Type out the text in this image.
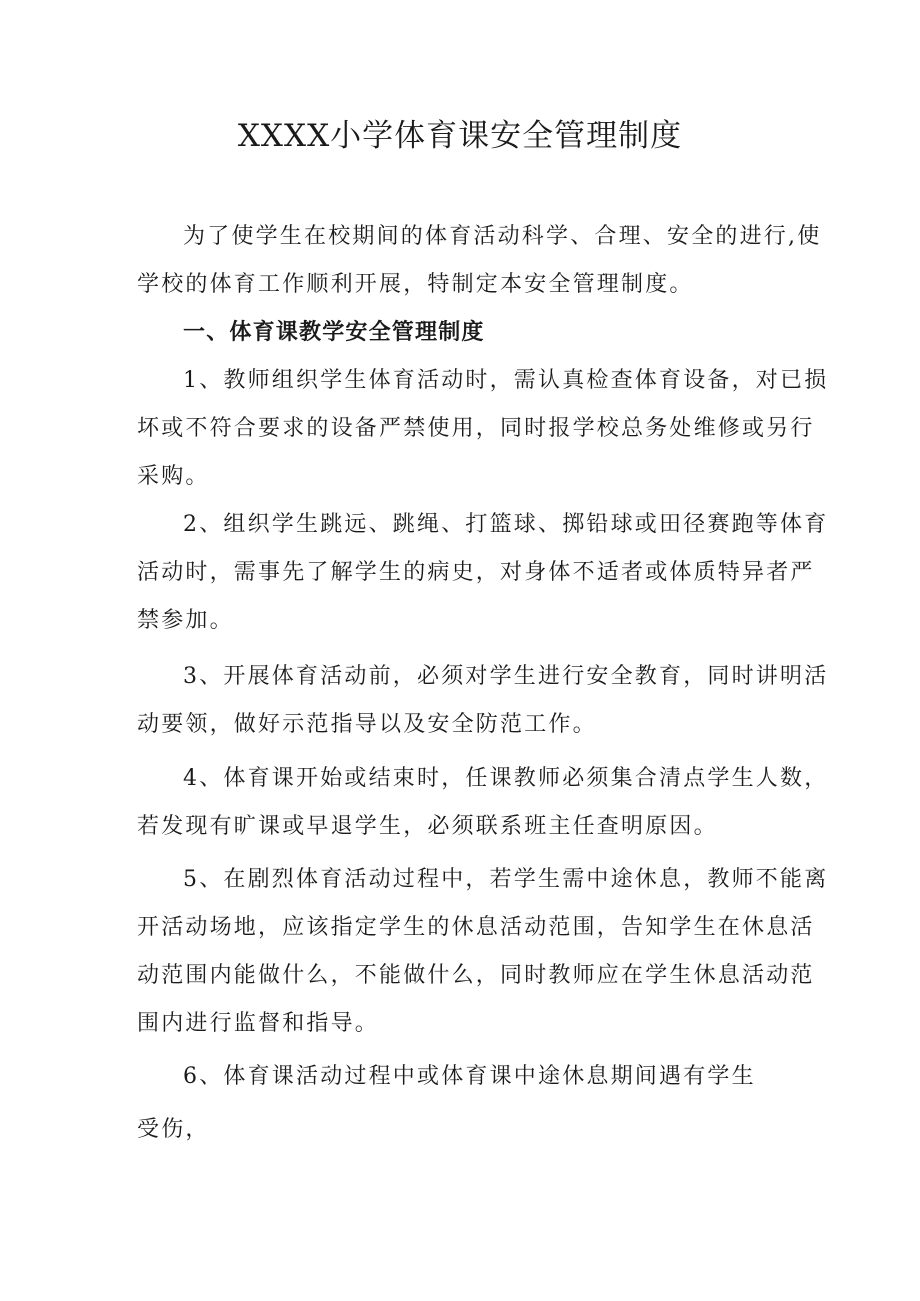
XXXX小学体育课安全管理制度

为了使学生在校期间的体育活动科学、合理、安全的进行,使学校的体育工作顺利开展，特制定本安全管理制度。

一、体育课教学安全管理制度

1、教师组织学生体育活动时，需认真检查体育设备，对已损坏或不符合要求的设备严禁使用，同时报学校总务处维修或另行采购。

2、组织学生跳远、跳绳、打篮球、掷铅球或田径赛跑等体育活动时，需事先了解学生的病史，对身体不适者或体质特异者严禁参加。

3、开展体育活动前，必须对学生进行安全教育，同时讲明活动要领，做好示范指导以及安全防范工作。

4、体育课开始或结束时，任课教师必须集合清点学生人数，若发现有旷课或早退学生，必须联系班主任查明原因。

5、在剧烈体育活动过程中，若学生需中途休息，教师不能离开活动场地，应该指定学生的休息活动范围，告知学生在休息活动范围内能做什么，不能做什么，同时教师应在学生休息活动范围内进行监督和指导。

6、体育课活动过程中或体育课中途休息期间遇有学生

受伤，
